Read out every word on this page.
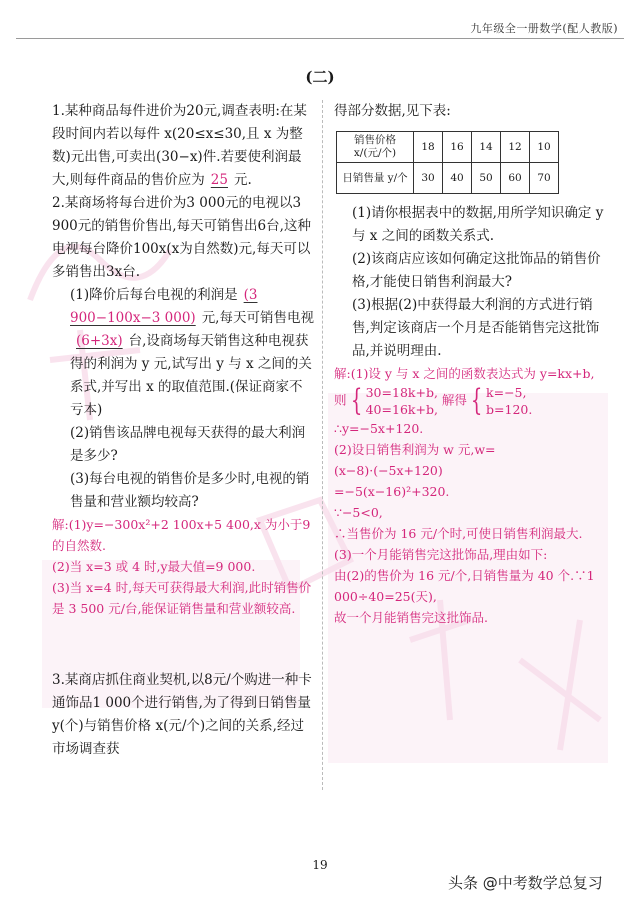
九年级全一册数学(配人教版)
(二)

1.某种商品每件进价为20元,调查表明:在某段时间内若以每件 x(20≤x≤30,且 x 为整数)元出售,可卖出(30−x)件.若要使利润最大,则每件商品的售价应为 25 元.

2.某商场将每台进价为3 000元的电视以3 900元的销售价售出,每天可销售出6台,这种电视每台降价100x(x为自然数)元,每天可以多销售出3x台.

(1)降价后每台电视的利润是 (3 900−100x−3 000) 元,每天可销售电视(6+3x) 台,设商场每天销售这种电视获得的利润为 y 元,试写出 y 与 x 之间的关系式,并写出 x 的取值范围.(保证商家不亏本)

(2)销售该品牌电视每天获得的最大利润是多少?

(3)每台电视的销售价是多少时,电视的销售量和营业额均较高?

解:(1)y=−300x²+2 100x+5 400,x 为小于9的自然数.

(2)当 x=3 或 4 时,y最大值=9 000.

(3)当 x=4 时,每天可获得最大利润,此时销售价是 3 500 元/台,能保证销售量和营业额较高.

3.某商店抓住商业契机,以8元/个购进一种卡通饰品1 000个进行销售,为了得到日销售量 y(个)与销售价格 x(元/个)之间的关系,经过市场调查获

得部分数据,见下表:

销售价格 x/(元/个)	18	16	14	12	10
日销售量 y/个	30	40	50	60	70

(1)请你根据表中的数据,用所学知识确定 y 与 x 之间的函数关系式.

(2)该商店应该如何确定这批饰品的销售价格,才能使日销售利润最大?

(3)根据(2)中获得最大利润的方式进行销售,判定该商店一个月是否能销售完这批饰品,并说明理由.

解:(1)设 y 与 x 之间的函数表达式为 y=kx+b,

则 { 30=18k+b,
40=16k+b, 解得 { k=−5,
b=120.

∴y=−5x+120.

(2)设日销售利润为 w 元,w=(x−8)·(−5x+120)

=−5(x−16)²+320.

∵−5<0,

∴当售价为 16 元/个时,可使日销售利润最大.

(3)一个月能销售完这批饰品,理由如下:

由(2)的售价为 16 元/个,日销售量为 40 个.∵1 000÷40=25(天),

故一个月能销售完这批饰品.

19
头条 @中考数学总复习
